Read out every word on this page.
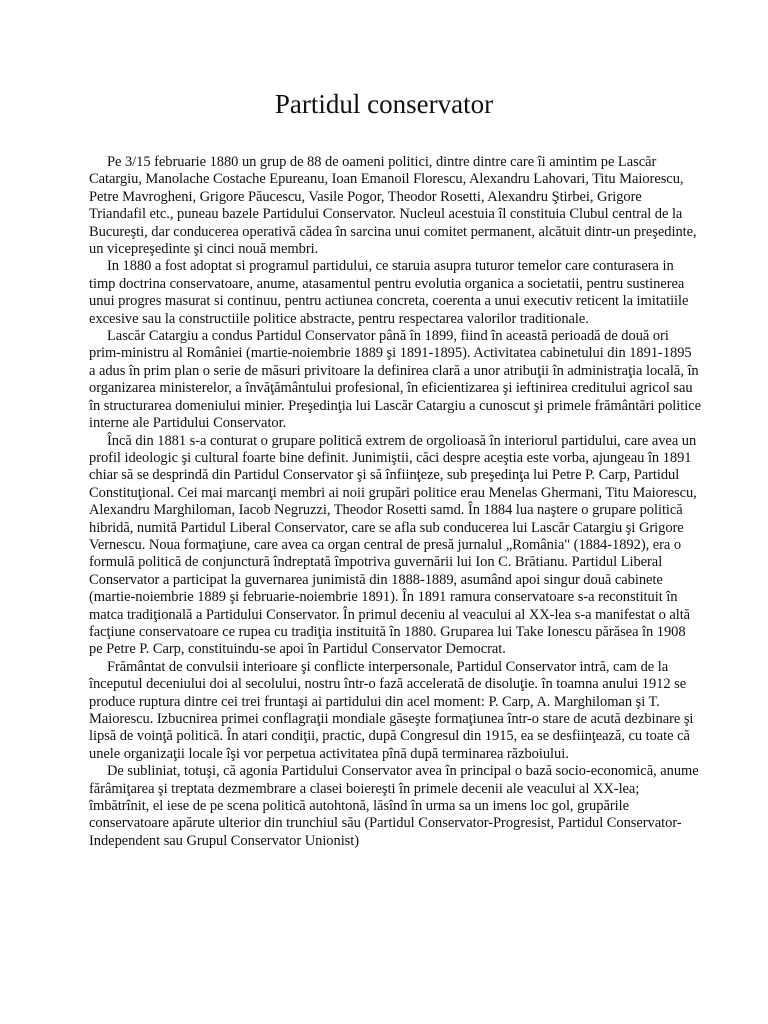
Partidul conservator

Pe 3/15 februarie 1880 un grup de 88 de oameni politici, dintre dintre care îi amintim pe Lascăr Catargiu, Manolache Costache Epureanu, Ioan Emanoil Florescu, Alexandru Lahovari, Titu Maiorescu, Petre Mavrogheni, Grigore Păucescu, Vasile Pogor, Theodor Rosetti, Alexandru Ştirbei, Grigore Triandafil etc., puneau bazele Partidului Conservator. Nucleul acestuia îl constituia Clubul central de la Bucureşti, dar conducerea operativă cădea în sarcina unui comitet permanent, alcătuit dintr-un preşedinte, un vicepreşedinte şi cinci nouă membri.

In 1880 a fost adoptat si programul partidului, ce staruia asupra tuturor temelor care conturasera in timp doctrina conservatoare, anume, atasamentul pentru evolutia organica a societatii, pentru sustinerea unui progres masurat si continuu, pentru actiunea concreta, coerenta a unui executiv reticent la imitatiile excesive sau la constructiile politice abstracte, pentru respectarea valorilor traditionale.

Lascăr Catargiu a condus Partidul Conservator până în 1899, fiind în această perioadă de două ori prim-ministru al României (martie-noiembrie 1889 şi 1891-1895). Activitatea cabinetului din 1891-1895 a adus în prim plan o serie de măsuri privitoare la definirea clară a unor atribuţii în administraţia locală, în organizarea ministerelor, a învăţământului profesional, în eficientizarea şi ieftinirea creditului agricol sau în structurarea domeniului minier. Preşedinţia lui Lascăr Catargiu a cunoscut şi primele frământări politice interne ale Partidului Conservator.

Încă din 1881 s-a conturat o grupare politică extrem de orgolioasă în interiorul partidului, care avea un profil ideologic şi cultural foarte bine definit. Junimiştii, căci despre aceştia este vorba, ajungeau în 1891 chiar să se desprindă din Partidul Conservator şi să înfiinţeze, sub preşedinţa lui Petre P. Carp, Partidul Constituţional. Cei mai marcanţi membri ai noii grupări politice erau Menelas Ghermani, Titu Maiorescu, Alexandru Marghiloman, Iacob Negruzzi, Theodor Rosetti samd. În 1884 lua naştere o grupare politică hibridă, numită Partidul Liberal Conservator, care se afla sub conducerea lui Lascăr Catargiu şi Grigore Vernescu. Noua formaţiune, care avea ca organ central de presă jurnalul „România" (1884-1892), era o formulă politică de conjunctură îndreptată împotriva guvernării lui Ion C. Brătianu. Partidul Liberal Conservator a participat la guvernarea junimistă din 1888-1889, asumând apoi singur două cabinete (martie-noiembrie 1889 şi februarie-noiembrie 1891). În 1891 ramura conservatoare s-a reconstituit în matca tradiţională a Partidului Conservator. În primul deceniu al veacului al XX-lea s-a manifestat o altă facţiune conservatoare ce rupea cu tradiţia instituită în 1880. Gruparea lui Take Ionescu părăsea în 1908 pe Petre P. Carp, constituindu-se apoi în Partidul Conservator Democrat.

Frământat de convulsii interioare şi conflicte interpersonale, Partidul Conservator intră, cam de la începutul deceniului doi al secolului, nostru într-o fază accelerată de disoluţie. în toamna anului 1912 se produce ruptura dintre cei trei fruntaşi ai partidului din acel moment: P. Carp, A. Marghiloman şi T. Maiorescu. Izbucnirea primei conflagraţii mondiale găseşte formaţiunea într-o stare de acută dezbinare şi lipsă de voinţă politică. În atari condiţii, practic, după Congresul din 1915, ea se desfiinţează, cu toate că unele organizaţii locale îşi vor perpetua activitatea pînă după terminarea războiului.

De subliniat, totuşi, că agonia Partidului Conservator avea în principal o bază socio-economică, anume fărâmiţarea şi treptata dezmembrare a clasei boiereşti în primele decenii ale veacului al XX-lea; îmbătrînit, el iese de pe scena politică autohtonă, lăsînd în urma sa un imens loc gol, grupările conservatoare apărute ulterior din trunchiul său (Partidul Conservator-Progresist, Partidul Conservator-Independent sau Grupul Conservator Unionist)
